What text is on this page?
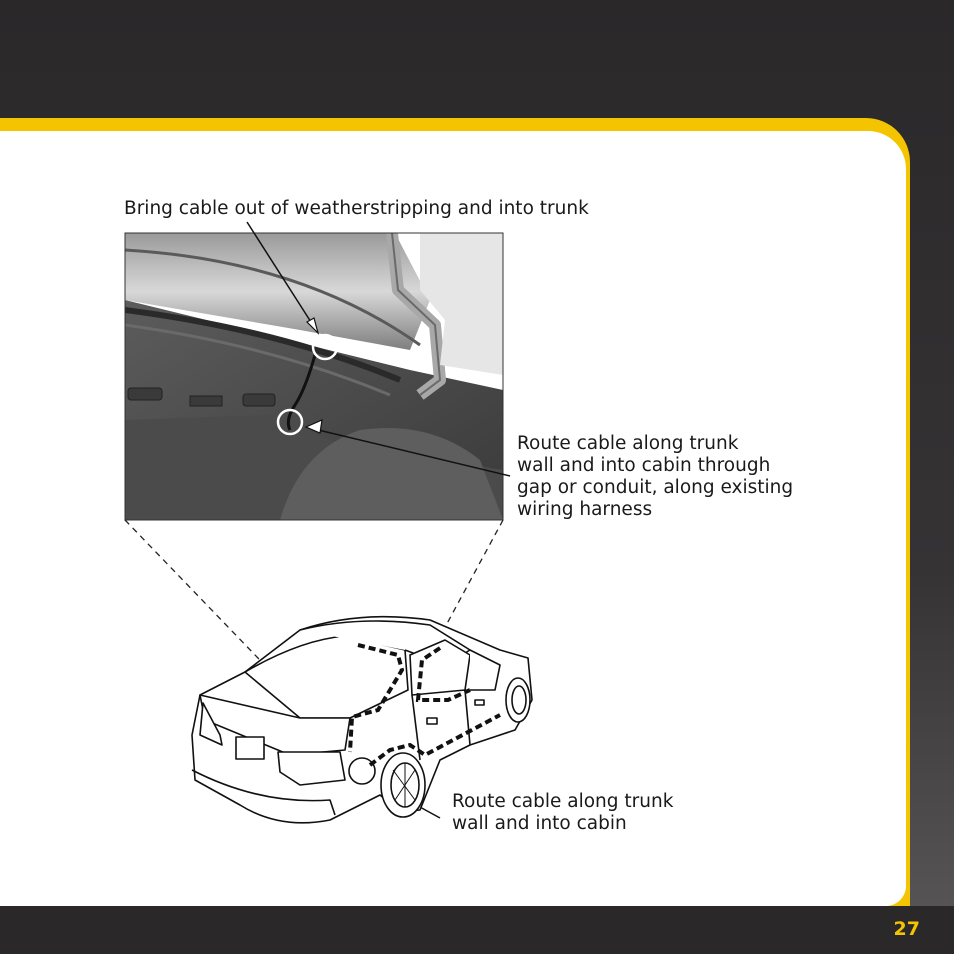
Bring cable out of weatherstripping and into trunk
Route cable along trunk
wall and into cabin through
gap or conduit, along existing
wiring harness
Route cable along trunk
wall and into cabin
27
